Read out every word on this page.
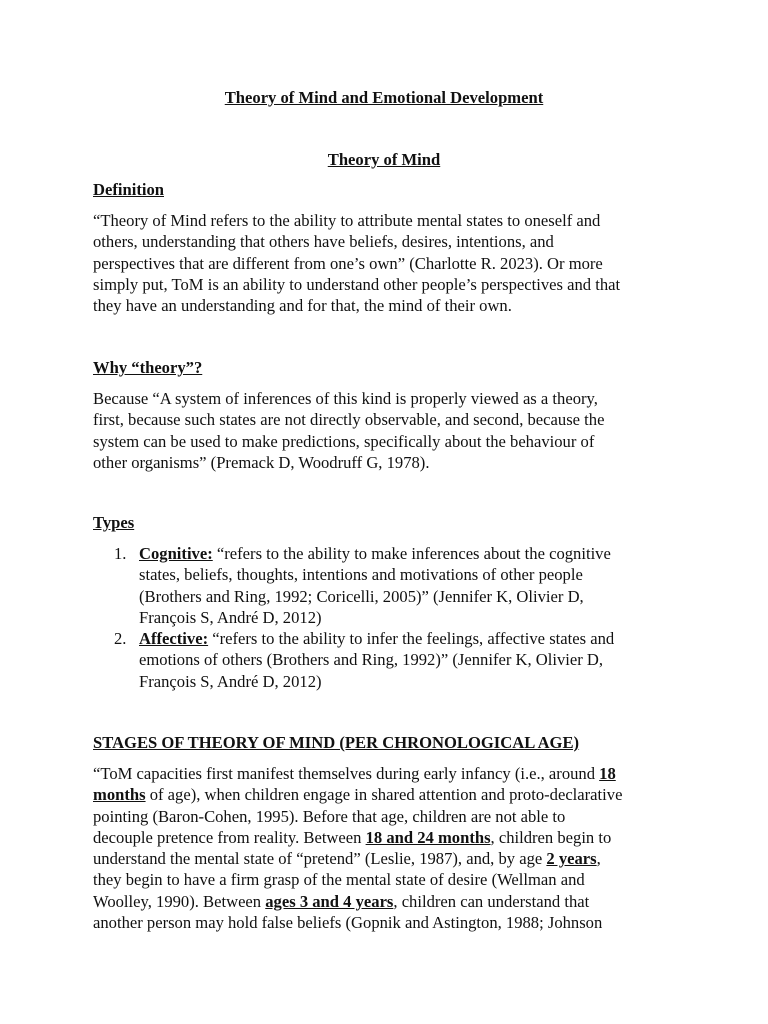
Theory of Mind and Emotional Development
Theory of Mind
Definition
“Theory of Mind refers to the ability to attribute mental states to oneself and
others, understanding that others have beliefs, desires, intentions, and
perspectives that are different from one’s own” (Charlotte R. 2023). Or more
simply put, ToM is an ability to understand other people’s perspectives and that
they have an understanding and for that, the mind of their own.
Why “theory”?
Because “A system of inferences of this kind is properly viewed as a theory,
first, because such states are not directly observable, and second, because the
system can be used to make predictions, specifically about the behaviour of
other organisms” (Premack D, Woodruff G, 1978).
Types
1. Cognitive: “refers to the ability to make inferences about the cognitive
states, beliefs, thoughts, intentions and motivations of other people
(Brothers and Ring, 1992; Coricelli, 2005)” (Jennifer K, Olivier D,
François S, André D, 2012)
2. Affective: “refers to the ability to infer the feelings, affective states and
emotions of others (Brothers and Ring, 1992)” (Jennifer K, Olivier D,
François S, André D, 2012)
STAGES OF THEORY OF MIND (PER CHRONOLOGICAL AGE)
“ToM capacities first manifest themselves during early infancy (i.e., around 18
months of age), when children engage in shared attention and proto-declarative
pointing (Baron-Cohen, 1995). Before that age, children are not able to
decouple pretence from reality. Between 18 and 24 months, children begin to
understand the mental state of “pretend” (Leslie, 1987), and, by age 2 years,
they begin to have a firm grasp of the mental state of desire (Wellman and
Woolley, 1990). Between ages 3 and 4 years, children can understand that
another person may hold false beliefs (Gopnik and Astington, 1988; Johnson
